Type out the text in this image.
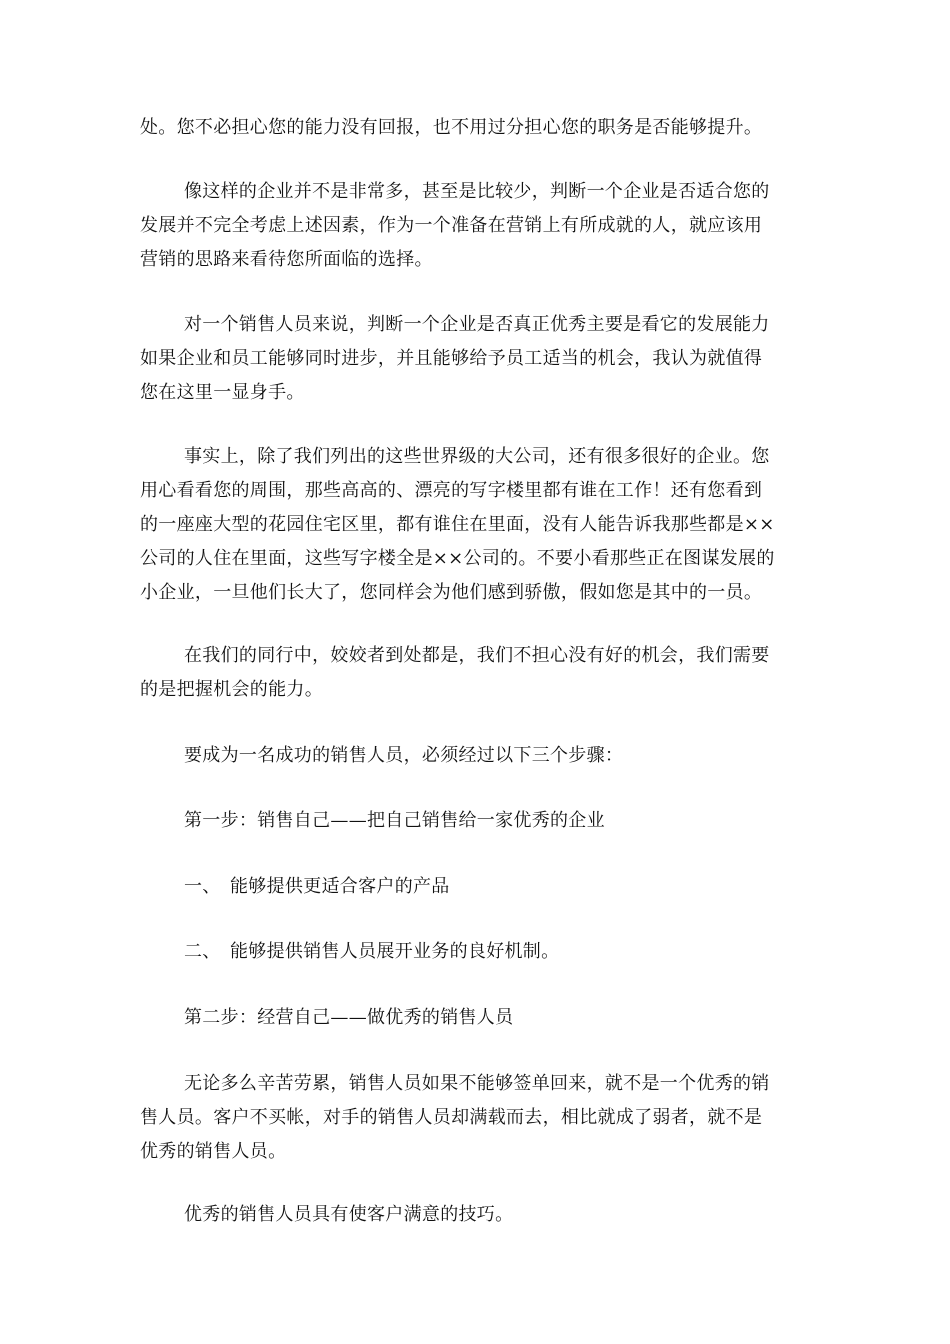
处。您不必担心您的能力没有回报，也不用过分担心您的职务是否能够提升。

像这样的企业并不是非常多，甚至是比较少，判断一个企业是否适合您的
发展并不完全考虑上述因素，作为一个准备在营销上有所成就的人，就应该用
营销的思路来看待您所面临的选择。

对一个销售人员来说，判断一个企业是否真正优秀主要是看它的发展能力
如果企业和员工能够同时进步，并且能够给予员工适当的机会，我认为就值得
您在这里一显身手。

事实上，除了我们列出的这些世界级的大公司，还有很多很好的企业。您
用心看看您的周围，那些高高的、漂亮的写字楼里都有谁在工作！还有您看到
的一座座大型的花园住宅区里，都有谁住在里面，没有人能告诉我那些都是××
公司的人住在里面，这些写字楼全是××公司的。不要小看那些正在图谋发展的
小企业，一旦他们长大了，您同样会为他们感到骄傲，假如您是其中的一员。

在我们的同行中，姣姣者到处都是，我们不担心没有好的机会，我们需要
的是把握机会的能力。

要成为一名成功的销售人员，必须经过以下三个步骤：

第一步：销售自己——把自己销售给一家优秀的企业

一、 能够提供更适合客户的产品

二、 能够提供销售人员展开业务的良好机制。

第二步：经营自己——做优秀的销售人员

无论多么辛苦劳累，销售人员如果不能够签单回来，就不是一个优秀的销
售人员。客户不买帐，对手的销售人员却满载而去，相比就成了弱者，就不是
优秀的销售人员。

优秀的销售人员具有使客户满意的技巧。
